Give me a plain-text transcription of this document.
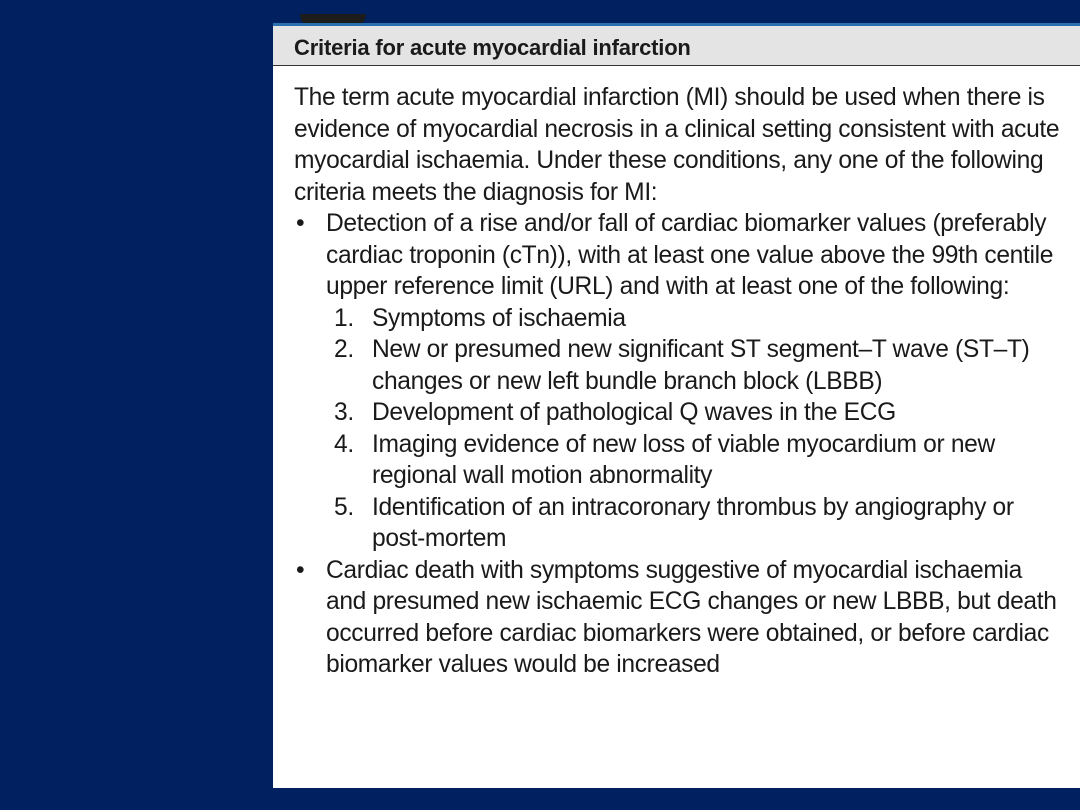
Criteria for acute myocardial infarction

The term acute myocardial infarction (MI) should be used when there is evidence of myocardial necrosis in a clinical setting consistent with acute myocardial ischaemia. Under these conditions, any one of the following criteria meets the diagnosis for MI:

• Detection of a rise and/or fall of cardiac biomarker values (preferably cardiac troponin (cTn)), with at least one value above the 99th centile upper reference limit (URL) and with at least one of the following:
1. Symptoms of ischaemia
2. New or presumed new significant ST segment–T wave (ST–T) changes or new left bundle branch block (LBBB)
3. Development of pathological Q waves in the ECG
4. Imaging evidence of new loss of viable myocardium or new regional wall motion abnormality
5. Identification of an intracoronary thrombus by angiography or post-mortem
• Cardiac death with symptoms suggestive of myocardial ischaemia and presumed new ischaemic ECG changes or new LBBB, but death occurred before cardiac biomarkers were obtained, or before cardiac biomarker values would be increased
